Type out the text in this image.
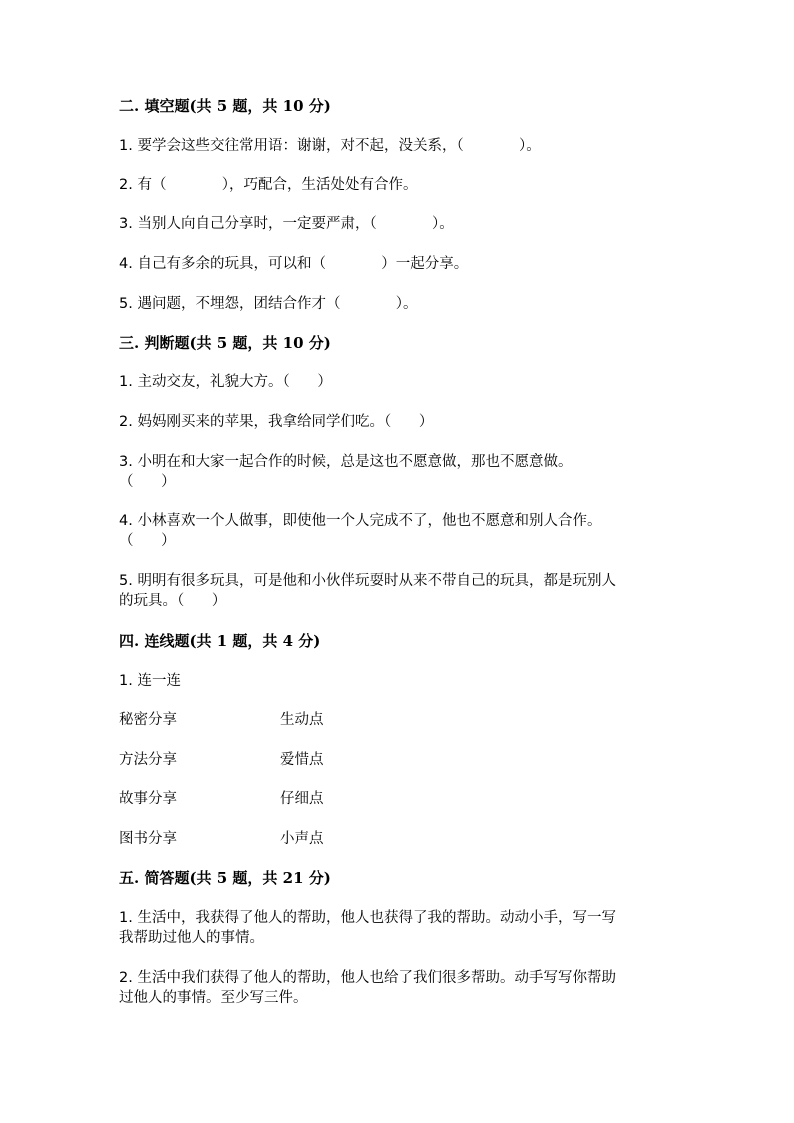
二. 填空题(共 5 题，共 10 分)
1. 要学会这些交往常用语：谢谢，对不起，没关系，（            ）。
2. 有（            ），巧配合，生活处处有合作。
3. 当别人向自己分享时，一定要严肃，（            ）。
4. 自己有多余的玩具，可以和（            ）一起分享。
5. 遇问题，不埋怨，团结合作才（            ）。
三. 判断题(共 5 题，共 10 分)
1. 主动交友，礼貌大方。（      ）
2. 妈妈刚买来的苹果，我拿给同学们吃。（      ）
3. 小明在和大家一起合作的时候，总是这也不愿意做，那也不愿意做。
（      ）
4. 小林喜欢一个人做事，即使他一个人完成不了，他也不愿意和别人合作。
（      ）
5. 明明有很多玩具，可是他和小伙伴玩耍时从来不带自己的玩具，都是玩别人
的玩具。（      ）
四. 连线题(共 1 题，共 4 分)
1. 连一连
秘密分享	生动点
方法分享	爱惜点
故事分享	仔细点
图书分享	小声点
五. 简答题(共 5 题，共 21 分)
1. 生活中，我获得了他人的帮助，他人也获得了我的帮助。动动小手，写一写
我帮助过他人的事情。
2. 生活中我们获得了他人的帮助，他人也给了我们很多帮助。动手写写你帮助
过他人的事情。至少写三件。
